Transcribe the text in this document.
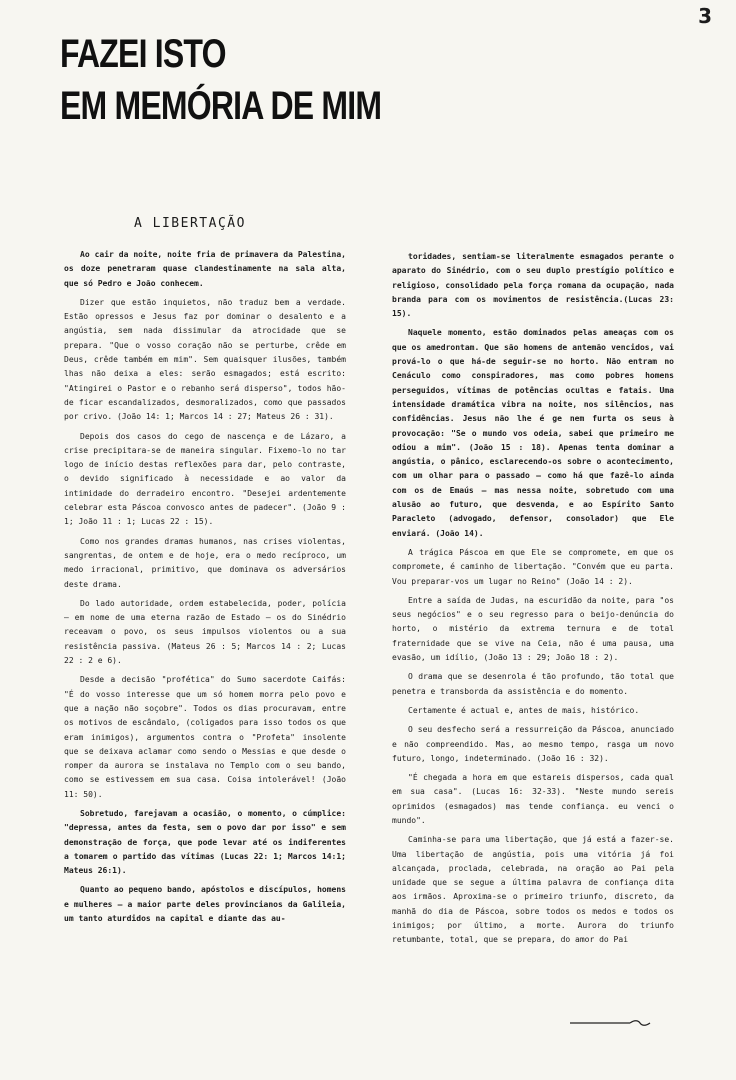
3
FAZEI ISTO
EM MEMÓRIA DE MIM
A LIBERTAÇÃO

Ao cair da noite, noite fria de primavera da Palestina, os doze penetraram quase clandestinamente na sala alta, que só Pedro e João conhecem.

Dizer que estão inquietos, não traduz bem a verdade. Estão opressos e Jesus faz por dominar o desalento e a angústia, sem nada dissimular da atrocidade que se prepara. "Que o vosso coração não se perturbe, crêde em Deus, crêde também em mim". Sem quaisquer ilusões, também lhas não deixa a eles: serão esmagados; está escrito: "Atingirei o Pastor e o rebanho será disperso", todos hão-de ficar escandalizados, desmoralizados, como que passados por crivo. (João 14: 1; Marcos 14 : 27; Mateus 26 : 31).

Depois dos casos do cego de nascença e de Lázaro, a crise precipitara-se de maneira singular. Fixemo-lo no tar logo de início destas reflexões para dar, pelo contraste, o devido significado à necessidade e ao valor da intimidade do derradeiro encontro. "Desejei ardentemente celebrar esta Páscoa convosco antes de padecer". (João 9 : 1; João 11 : 1; Lucas 22 : 15).

Como nos grandes dramas humanos, nas crises violentas, sangrentas, de ontem e de hoje, era o medo recíproco, um medo irracional, primitivo, que dominava os adversários deste drama.

Do lado autoridade, ordem estabelecida, poder, polícia – em nome de uma eterna razão de Estado – os do Sinédrio receavam o povo, os seus impulsos violentos ou a sua resistência passiva. (Mateus 26 : 5; Marcos 14 : 2; Lucas 22 : 2 e 6).

Desde a decisão "profética" do Sumo sacerdote Caifás: "É do vosso interesse que um só homem morra pelo povo e que a nação não soçobre". Todos os dias procuravam, entre os motivos de escândalo, (coligados para isso todos os que eram inimigos), argumentos contra o "Profeta" insolente que se deixava aclamar como sendo o Messias e que desde o romper da aurora se instalava no Templo com o seu bando, como se estivessem em sua casa. Coisa intolerável! (João 11: 50).

Sobretudo, farejavam a ocasião, o momento, o cúmplice: "depressa, antes da festa, sem o povo dar por isso" e sem demonstração de força, que pode levar até os indiferentes a tomarem o partido das vítimas (Lucas 22: 1; Marcos 14:1; Mateus 26:1).

Quanto ao pequeno bando, apóstolos e discípulos, homens e mulheres – a maior parte deles provincianos da Galileia, um tanto aturdidos na capital e diante das au-

toridades, sentiam-se literalmente esmagados perante o aparato do Sinédrio, com o seu duplo prestígio político e religioso, consolidado pela força romana da ocupação, nada branda para com os movimentos de resistência.(Lucas 23: 15).

Naquele momento, estão dominados pelas ameaças com os que os amedrontam. Que são homens de antemão vencidos, vai prová-lo o que há-de seguir-se no horto. Não entram no Cenáculo como conspiradores, mas como pobres homens perseguidos, vítimas de potências ocultas e fatais. Uma intensidade dramática vibra na noite, nos silêncios, nas confidências. Jesus não lhe é ge nem furta os seus à provocação: "Se o mundo vos odeia, sabei que primeiro me odiou a mim". (João 15 : 18). Apenas tenta dominar a angústia, o pânico, esclarecendo-os sobre o acontecimento, com um olhar para o passado – como há que fazê-lo ainda com os de Emaús – mas nessa noite, sobretudo com uma alusão ao futuro, que desvenda, e ao Espírito Santo Paracleto (advogado, defensor, consolador) que Ele enviará. (João 14).

A trágica Páscoa em que Ele se compromete, em que os compromete, é caminho de libertação. "Convém que eu parta. Vou preparar-vos um lugar no Reino" (João 14 : 2).

Entre a saída de Judas, na escuridão da noite, para "os seus negócios" e o seu regresso para o beijo-denúncia do horto, o mistério da extrema ternura e de total fraternidade que se vive na Ceia, não é uma pausa, uma evasão, um idílio, (João 13 : 29; João 18 : 2).

O drama que se desenrola é tão profundo, tão total que penetra e transborda da assistência e do momento.

Certamente é actual e, antes de mais, histórico.

O seu desfecho será a ressurreição da Páscoa, anunciado e não compreendido. Mas, ao mesmo tempo, rasga um novo futuro, longo, indeterminado. (João 16 : 32).

"É chegada a hora em que estareis dispersos, cada qual em sua casa". (Lucas 16: 32-33). "Neste mundo sereis oprimidos (esmagados) mas tende confiança. eu venci o mundo".

Caminha-se para uma libertação, que já está a fazer-se. Uma libertação de angústia, pois uma vitória já foi alcançada, proclada, celebrada, na oração ao Pai pela unidade que se segue a última palavra de confiança dita aos irmãos. Aproxima-se o primeiro triunfo, discreto, da manhã do dia de Páscoa, sobre todos os medos e todos os inimigos; por último, a morte. Aurora do triunfo retumbante, total, que se prepara, do amor do Pai
